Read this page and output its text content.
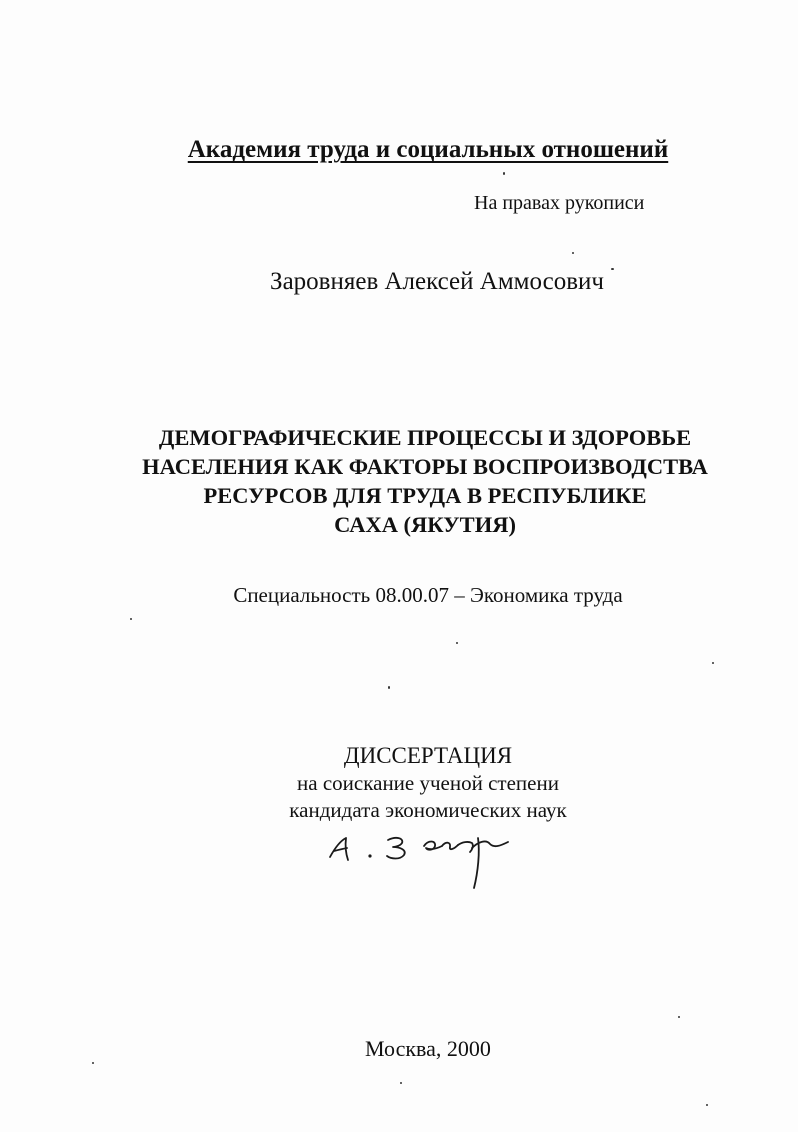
Академия труда и социальных отношений
На правах рукописи
Заровняев Алексей Аммосович
ДЕМОГРАФИЧЕСКИЕ ПРОЦЕССЫ И ЗДОРОВЬЕ
НАСЕЛЕНИЯ КАК ФАКТОРЫ ВОСПРОИЗВОДСТВА
РЕСУРСОВ ДЛЯ ТРУДА В РЕСПУБЛИКЕ
САХА (ЯКУТИЯ)
Специальность 08.00.07 – Экономика труда
ДИССЕРТАЦИЯ
на соискание ученой степени
кандидата экономических наук
Москва, 2000
